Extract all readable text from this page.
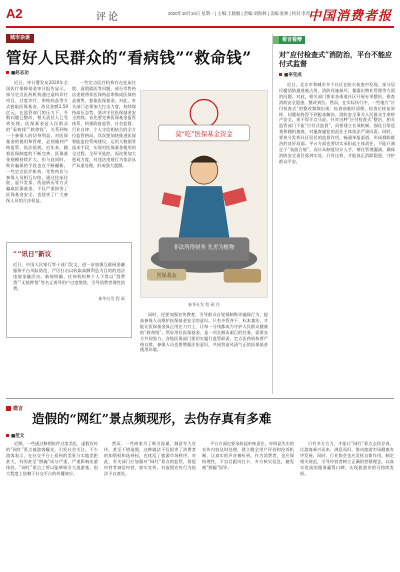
A2	评论	2020年10月10日 星期一 | 主编:王晓楠 | 责编:刘海林 | 美编:张林 | 校对:李奇
中国消费者报
城市杂谈
管好人民群众的“看病钱”“救命钱”
■赵志功

近日，审计署发布2020年全国医疗保障基金审计报告显示，部分定点医药机构通过虚构诊疗项目、过度诊疗、串换药品等方式套取医保基金，涉及金额2.59亿元。在监管部门的压力下，多数问题已整改，相关责任人已受到处理。医保基金是人民群众的“看病钱”“救命钱”，关系到每一个参保人的切身利益，对医保基金的使用和管理，必须做到严格监管、依法依规。近年来，随着医保制度的不断完善，医保基金规模持续扩大，但与此同时，欺诈骗保的手段也在不断翻新。一些定点医疗机构、零售药店与参保人员相互勾结，通过挂床住院、虚开发票、伪造病历等方式骗取医保基金，不仅严重损害了医保基金安全，也侵害了广大参保人员的合法权益。

一些定点医疗机构存在挂床住院、虚假就医等问题，部分零售药店违规将非医保药品串换成医保药品销售，套取医保基金。对此，有关部门必须加大打击力度，持续保持高压态势，坚决守住医保基金安全底线。首先要完善医保基金监管体系，构建政府监管、社会监督、行业自律、个人守信相结合的全方位监管格局。其次要加快推进医保智能监控系统建设，运用大数据等技术手段，实现对医保基金使用的全过程、全环节监控。再次要加大惩戒力度，对违法违规行为依法从严从重处理，形成强大震慑。

莫“吃”医保基金资金
非法所得财务 先差为赃物
医保基金
新华社发 程 硕 作

同时，还要加强宣传教育，引导群众自觉抵制欺诈骗保行为，提高参保人员维护医保基金安全的意识。只有多管齐下、标本兼治，才能让医保基金真正用在刀刃上，让每一分钱都成为守护人民群众健康的“救命钱”。管好用好医保基金，是一项长期而艰巨的任务，需要各方共同努力。各级医保部门要切实履行监管职责，定点医药机构要严格自律，参保人员也要增强法治意识，共同营造风清气正的医保基金使用环境。

“ “讯日”新议
近日，中国人民银行等十部门发文，进一步加强互联网金融服务平台风险防范，严厉打击以收取高额利息为目的的违法违规金融活动。新规明确，任何机构和个人不得以“消费贷”“无抵押贷”等名义诱导用户过度借贷，引导消费者理性消费。
新华社发 程 硕
看言看辩
对“应付检查式”消防治，平台不能应付式监督
■李克成

近日，北京市和城乡多个社区在防火检查中发现，部分居民楼消防通道被占用，消防设施损坏，暴露出物业管理等方面的问题。对此，相关部门要求各街道社区开展专项整治，排查消防安全隐患，整改到位。然而，在实际执行中，一些地方“应付检查式”的整改频频出现：检查前临时清理，检查后恢复原样，问题始终得不到根本解决。消防安全事关人民群众生命财产安全，来不得半点马虎。针对这种“应付检查式”整治，相关监管部门不能“应付式监督”，而要建立长效机制，强化日常巡查和随机抽查，对屡查屡犯的责任主体依法严肃问责。同时，要充分发挥社区居民的监督作用，畅通举报渠道，形成群防群治的良好局面。平台方面也要切实承担起主体责任，不能只满足于“表面合规”，而应从制度设计入手，堵住管理漏洞，确保消防安全责任落到实处。只有这样，才能真正消除隐患，守护群众平安。

微言
造假的“网红”景点频现形，去伪存真有多难
■范文

近期，一些通过修图软件过度美化、虚假宣传的“网红”景点被游客曝光，引发社会关注。不少游客表示，在社交平台上看到的美景与实地差距甚大，有的甚至“照骗”成分严重，严重影响出游体验。“网红”景点之所以能够吸引大批游客，很大程度上依赖于社交平台的传播效应。

然而，一些商家为了吸引流量，刻意夸大宣传，甚至不惜造假，这种做法不仅损害了消费者的知情权和选择权，也扰乱了旅游市场秩序。对此，有关部门应加强对“网红”景点的监管，督促经营者诚信经营、如实宣传，对虚假宣传行为依法予以查处。

平台方面也要承担起审核责任，对明显失实的宣传内容及时处理，建立健全用户评价和投诉机制，让真实的声音被听到。作为消费者，也应保持理性，不盲目跟风打卡，多方核实信息，避免被“照骗”误导。

只有多方合力，才能让“网红”景点去伪存真，让游客乘兴而来、满意而归，推动旅游市场健康有序发展。同时，行业协会也应发挥自律作用，制定相关规范，引导经营者树立正确的营销理念，以真实优质的服务赢得口碑，实现旅游业的可持续发展。
